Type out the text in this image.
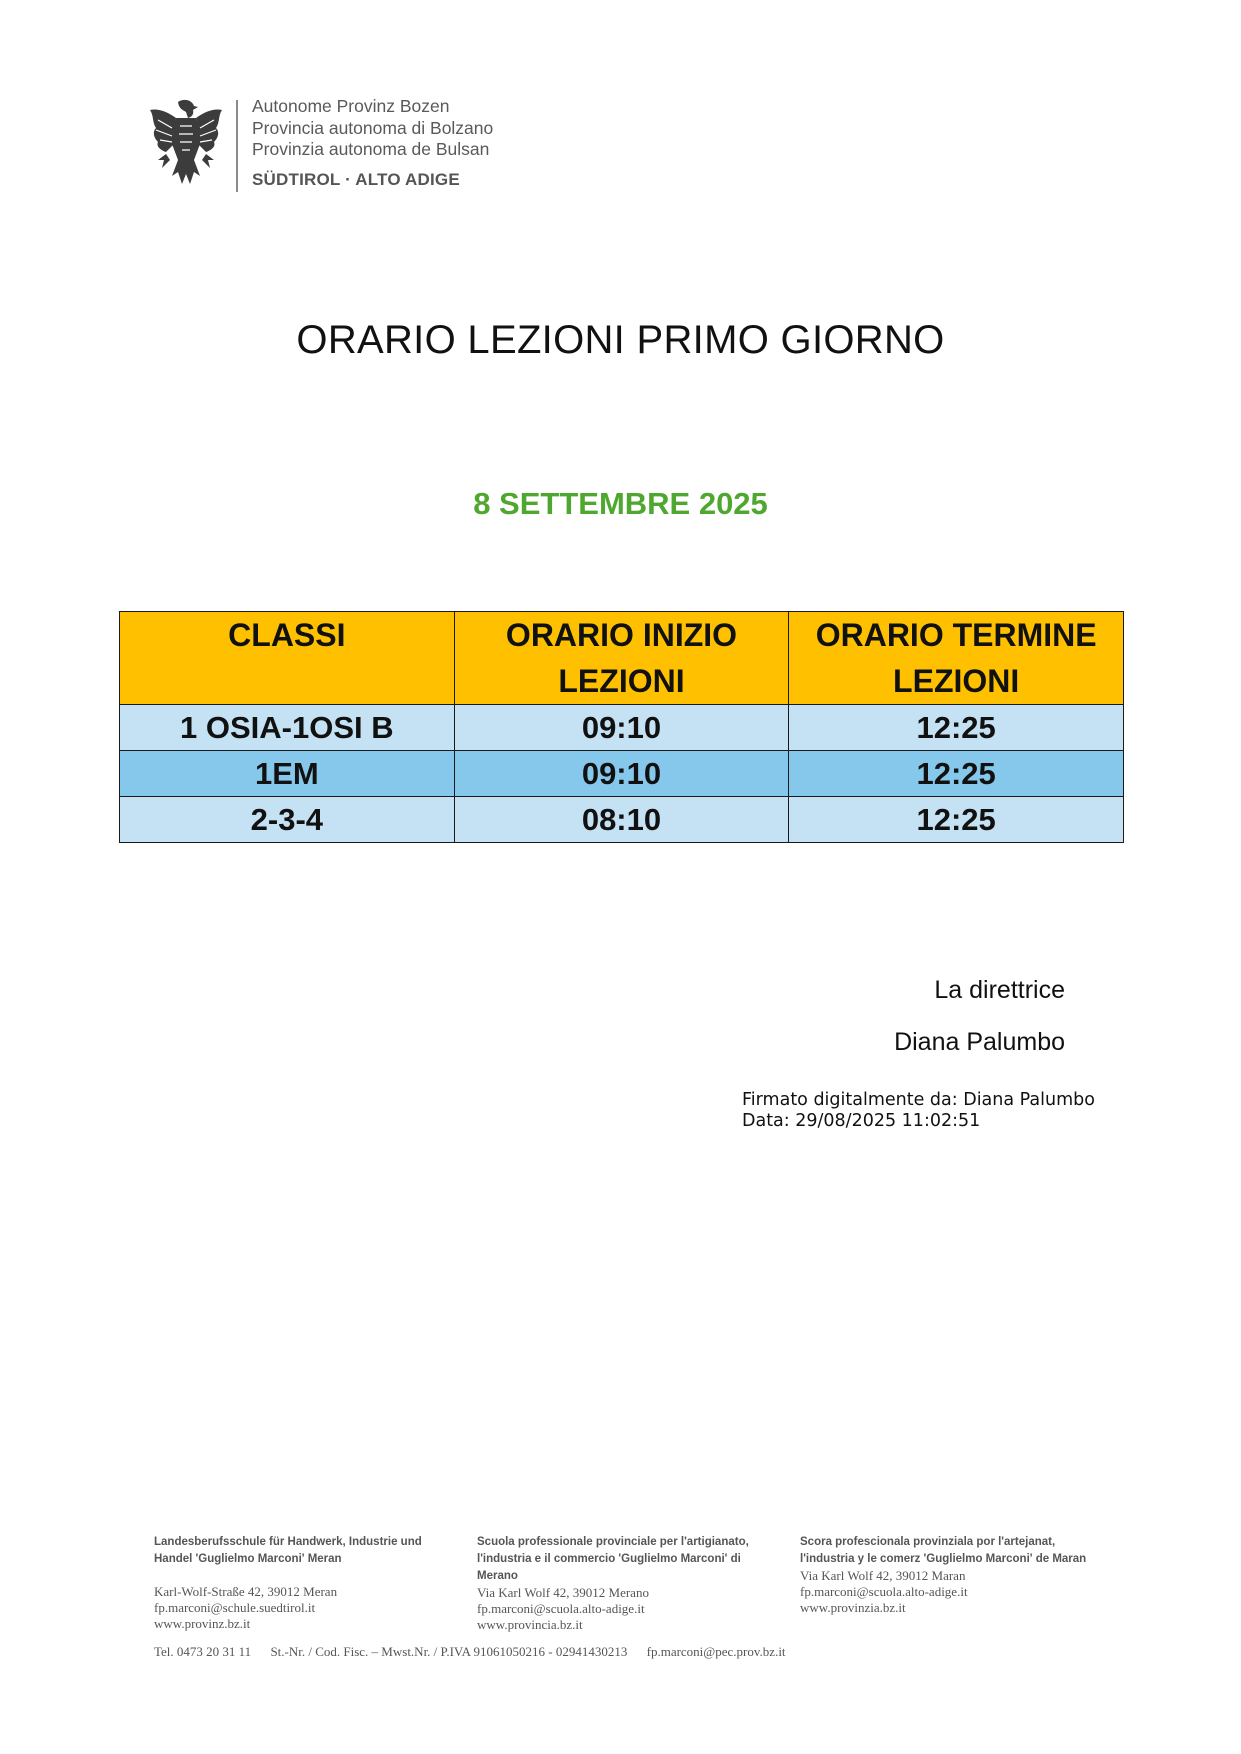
Autonome Provinz Bozen
Provincia autonoma di Bolzano
Provinzia autonoma de Bulsan
SÜDTIROL · ALTO ADIGE
ORARIO LEZIONI PRIMO GIORNO
8 SETTEMBRE 2025
CLASSI	ORARIO INIZIO LEZIONI	ORARIO TERMINE LEZIONI
1 OSIA-1OSI B	09:10	12:25
1EM	09:10	12:25
2-3-4	08:10	12:25
La direttrice
Diana Palumbo
Firmato digitalmente da: Diana Palumbo
Data: 29/08/2025 11:02:51
Landesberufsschule für Handwerk, Industrie und Handel 'Guglielmo Marconi' Meran
Karl-Wolf-Straße 42, 39012 Meran
fp.marconi@schule.suedtirol.it
www.provinz.bz.it
Scuola professionale provinciale per l'artigianato, l'industria e il commercio 'Guglielmo Marconi' di Merano
Via Karl Wolf 42, 39012 Merano
fp.marconi@scuola.alto-adige.it
www.provincia.bz.it
Scora profescionala provinziala por l'artejanat, l'industria y le comerz 'Guglielmo Marconi' de Maran
Via Karl Wolf 42, 39012 Maran
fp.marconi@scuola.alto-adige.it
www.provinzia.bz.it
Tel. 0473 20 31 11 St.-Nr. / Cod. Fisc. – Mwst.Nr. / P.IVA 91061050216 - 02941430213 fp.marconi@pec.prov.bz.it
